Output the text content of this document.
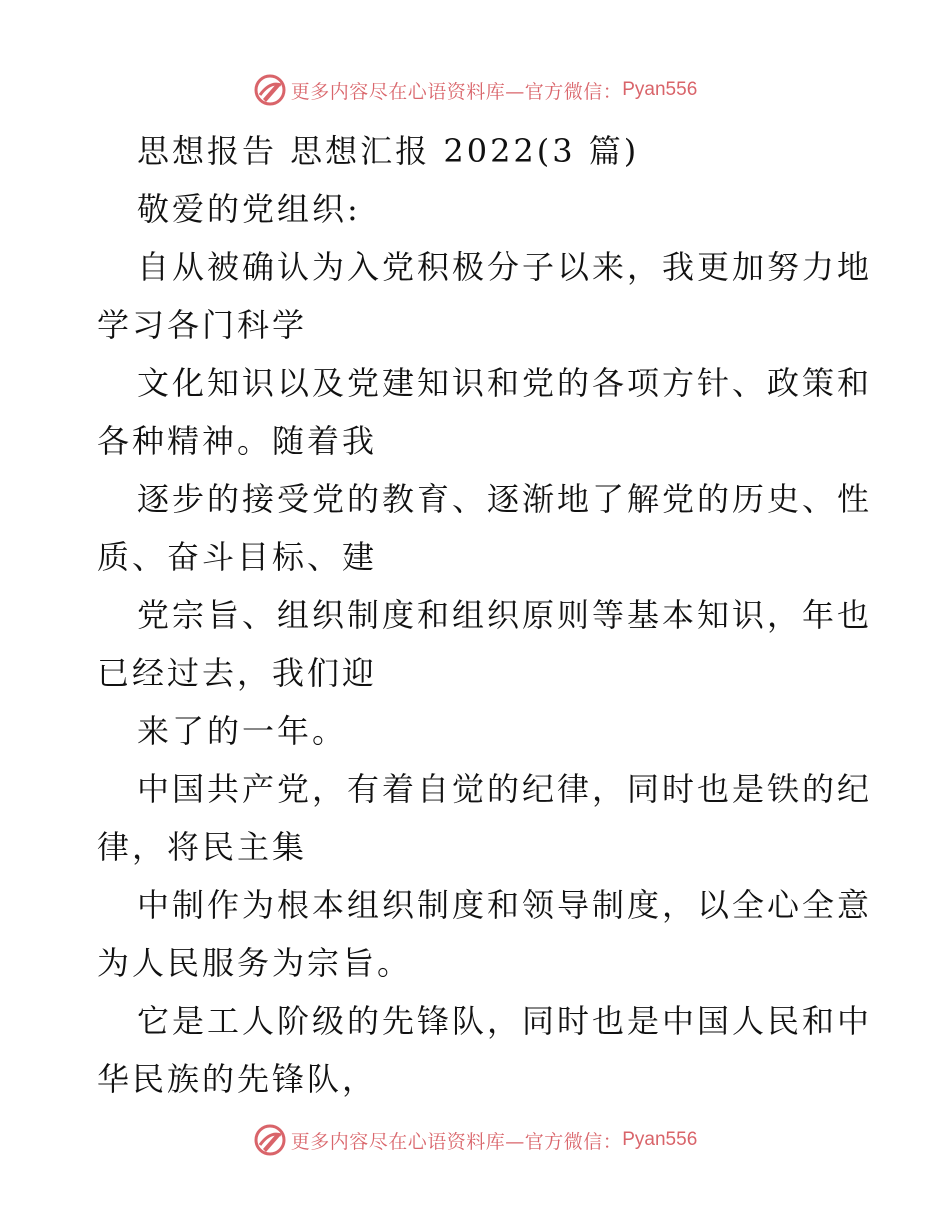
更多内容尽在心语资料库—官方微信： Pyan556
思想报告 思想汇报 2022(3 篇)
敬爱的党组织:
自从被确认为入党积极分子以来，我更加努力地
学习各门科学
文化知识以及党建知识和党的各项方针、政策和
各种精神。随着我
逐步的接受党的教育、逐渐地了解党的历史、性
质、奋斗目标、建
党宗旨、组织制度和组织原则等基本知识，年也
已经过去，我们迎
来了的一年。
中国共产党，有着自觉的纪律，同时也是铁的纪
律，将民主集
中制作为根本组织制度和领导制度，以全心全意
为人民服务为宗旨。
它是工人阶级的先锋队，同时也是中国人民和中
华民族的先锋队，
更多内容尽在心语资料库—官方微信： Pyan556
